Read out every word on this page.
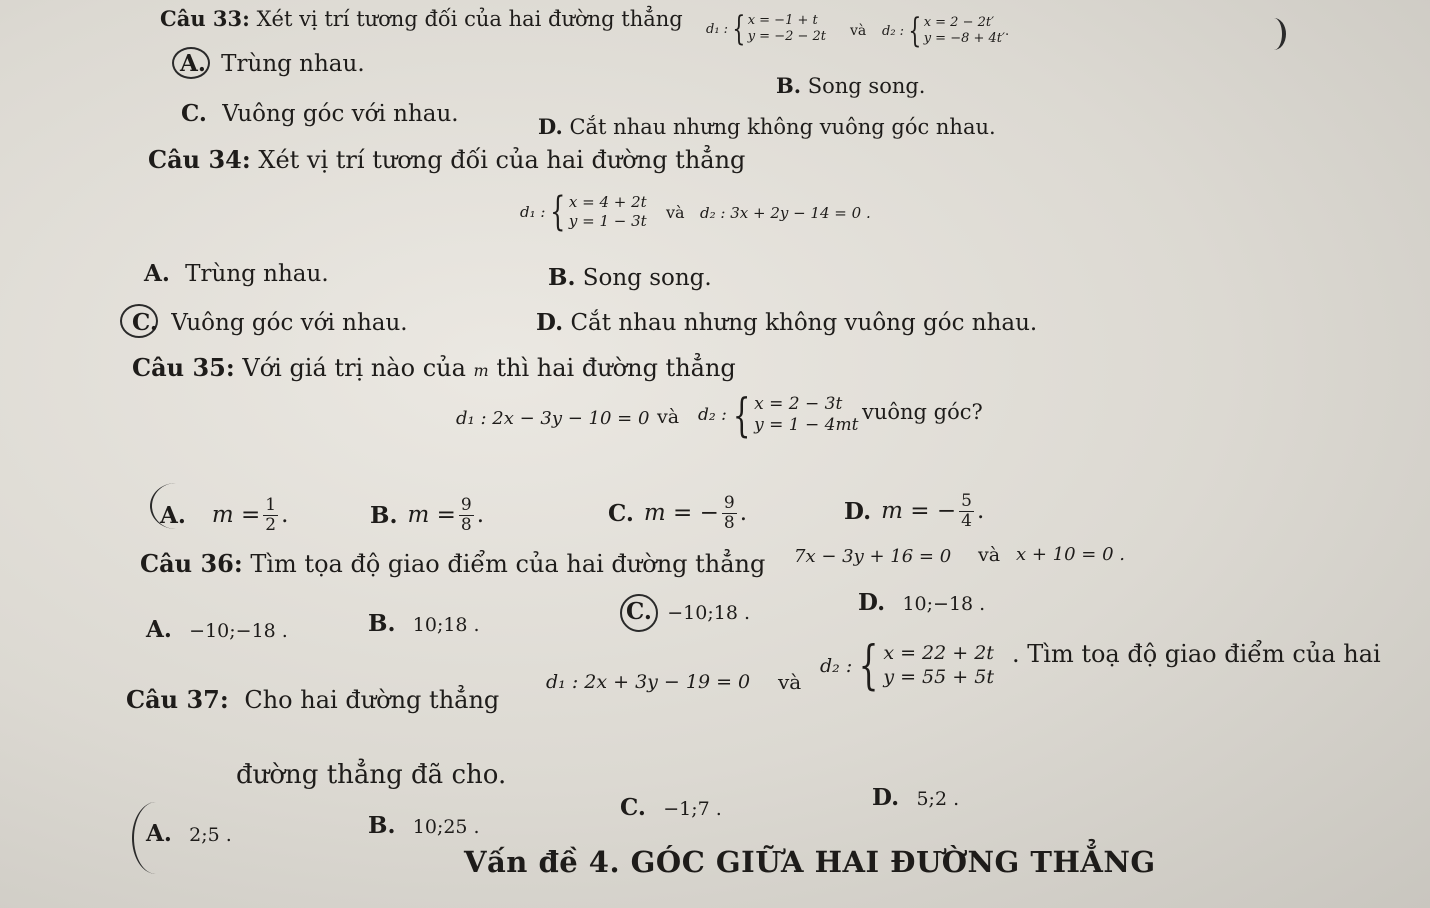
Câu 33: Xét vị trí tương đối của hai đường thẳng d₁ : { x = −1 + t
y = −2 − 2t và d₂ : { x = 2 − 2t′
y = −8 + 4t′ .
A. Trùng nhau.
B. Song song.
C. Vuông góc với nhau.	D. Cắt nhau nhưng không vuông góc nhau.
Câu 34: Xét vị trí tương đối của hai đường thẳng
d₁ : { x = 4 + 2t
y = 1 − 3t và d₂ : 3x + 2y − 14 = 0 .
A. Trùng nhau.	B. Song song.
C. Vuông góc với nhau.	D. Cắt nhau nhưng không vuông góc nhau.
Câu 35: Với giá trị nào của m thì hai đường thẳng
d₁ : 2x − 3y − 10 = 0 và d₂ : { x = 2 − 3t
y = 1 − 4mt
vuông góc?
A. $m = \frac{1}{2}$ .	B. $m = \frac{9}{8}$ .	C. m = − $\frac{9}{8}$ .	D. m = − $\frac{5}{4}$ .
Câu 36: Tìm tọa độ giao điểm của hai đường thẳng 7x − 3y + 16 = 0 và x + 10 = 0 .
A. −10;−18 .	B. 10;18 .	C. −10;18 .	D. 10;−18 .
Câu 37: Cho hai đường thẳng
d₁ : 2x + 3y − 19 = 0 và
d₂ : { x = 22 + 2t
y = 55 + 5t
. Tìm toạ độ giao điểm của hai
đường thẳng đã cho.
A. 2;5 .	B. 10;25 .
C. −1;7 .	D. 5;2 .
Vấn đề 4. GÓC GIỮA HAI ĐƯỜNG THẲNG
